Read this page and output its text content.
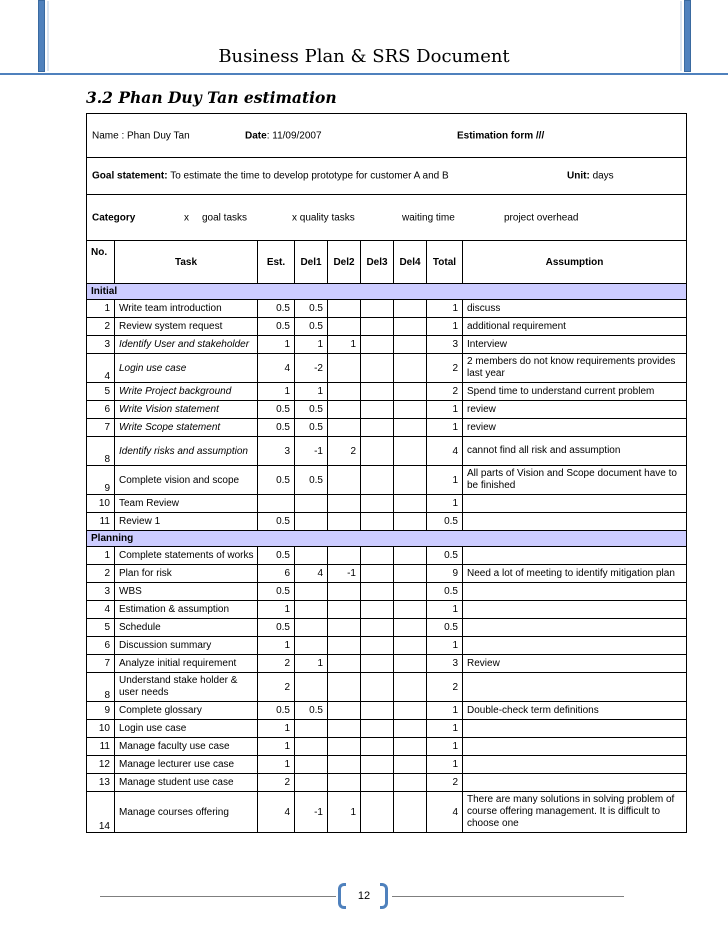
Business Plan & SRS Document
3.2 Phan Duy Tan estimation
Name : Phan Duy Tan	Date: 11/09/2007	Estimation form ///
Goal statement: To estimate the time to develop prototype for customer A and B	Unit: days
Category	x goal tasks	x quality tasks	waiting time	project overhead
No.	Task	Est.	Del1	Del2	Del3	Del4	Total	Assumption
Initial								
1	Write team introduction	0.5	0.5				1	discuss
2	Review system request	0.5	0.5				1	additional requirement
3	Identify User and stakeholder	1	1	1			3	Interview
4	Login use case	4	-2				2	2 members do not know requirements provides last year
5	Write Project background	1	1				2	Spend time to understand current problem
6	Write Vision statement	0.5	0.5				1	review
7	Write Scope statement	0.5	0.5				1	review
8	Identify risks and assumption	3	-1	2			4	cannot find all risk and assumption
9	Complete vision and scope	0.5	0.5				1	All parts of Vision and Scope document have to be finished
10	Team Review						1	
11	Review 1	0.5					0.5	
Planning								
1	Complete statements of works	0.5					0.5	
2	Plan for risk	6	4	-1			9	Need a lot of meeting to identify mitigation plan
3	WBS	0.5					0.5	
4	Estimation & assumption	1					1	
5	Schedule	0.5					0.5	
6	Discussion summary	1					1	
7	Analyze initial requirement	2	1				3	Review
8	Understand stake holder & user needs	2					2	
9	Complete glossary	0.5	0.5				1	Double-check term definitions
10	Login use case	1					1	
11	Manage faculty use case	1					1	
12	Manage lecturer use case	1					1	
13	Manage student use case	2					2	
14	Manage courses offering	4	-1	1			4	There are many solutions in solving problem of course offering management. It is difficult to choose one
12
